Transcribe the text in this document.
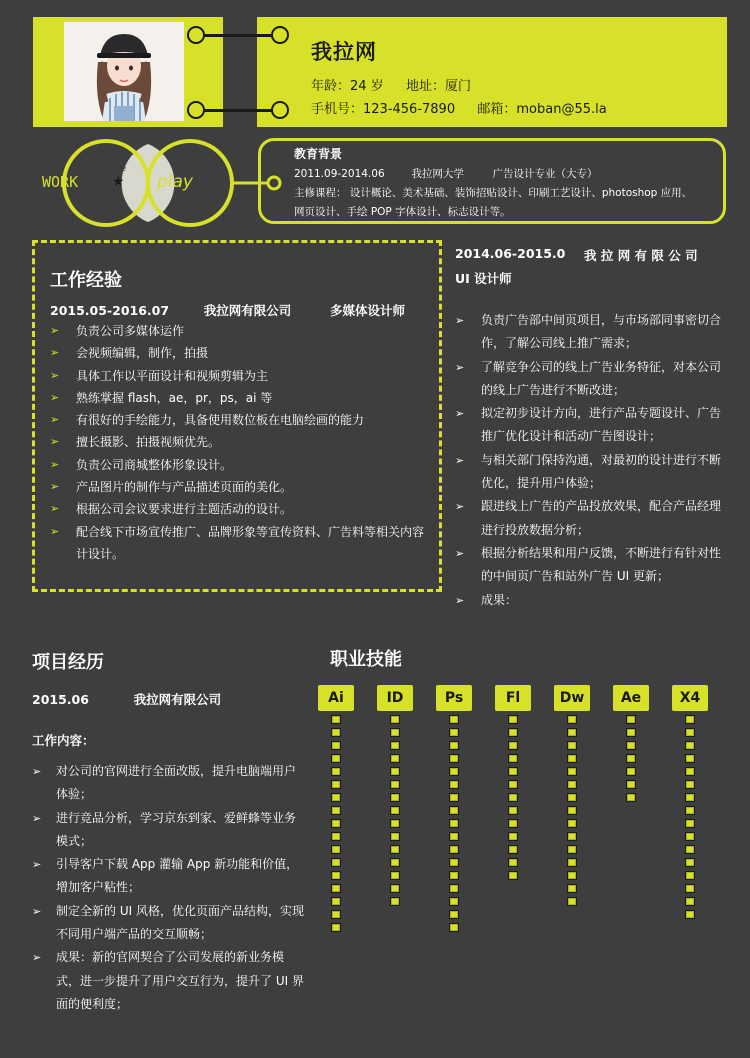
我拉网
年龄：24 岁 地址：厦门
手机号：123-456-7890 邮箱：moban@55.la
WORK
me
★ play
教育背景
2011.09-2014.06	我拉网大学	广告设计专业（大专）
主修课程： 设计概论、美术基础、装饰招贴设计、印刷工艺设计、photoshop 应用、
网页设计、手绘 POP 字体设计、标志设计等。
工作经验
2015.05-2016.07	我拉网有限公司	多媒体设计师
➢ 负责公司多媒体运作
➢ 会视频编辑，制作，拍摄
➢ 具体工作以平面设计和视频剪辑为主
➢ 熟练掌握 flash，ae，pr，ps，ai 等
➢ 有很好的手绘能力，具备使用数位板在电脑绘画的能力
➢ 擅长摄影、拍摄视频优先。
➢ 负责公司商城整体形象设计。
➢ 产品图片的制作与产品描述页面的美化。
➢ 根据公司会议要求进行主题活动的设计。
➢ 配合线下市场宣传推广、品牌形象等宣传资料、广告料等相关内容计设计。
2014.06-2015.0 我 拉 网 有 限 公 司
UI 设计师
➢ 负责广告部中间页项目，与市场部同事密切合作，了解公司线上推广需求；
➢ 了解竞争公司的线上广告业务特征，对本公司的线上广告进行不断改进；
➢ 拟定初步设计方向，进行产品专题设计、广告推广优化设计和活动广告图设计；
➢ 与相关部门保持沟通，对最初的设计进行不断优化，提升用户体验；
➢ 跟进线上广告的产品投放效果，配合产品经理进行投放数据分析；
➢ 根据分析结果和用户反馈，不断进行有针对性的中间页广告和站外广告 UI 更新；
➢ 成果：
项目经历
2015.06	我拉网有限公司
工作内容：
➢ 对公司的官网进行全面改版，提升电脑端用户体验；
➢ 进行竞品分析，学习京东到家、爱鲜蜂等业务模式；
➢ 引导客户下载 App 灌输 App 新功能和价值，增加客户粘性；
➢ 制定全新的 UI 风格，优化页面产品结构，实现不同用户端产品的交互顺畅；
➢ 成果：新的官网契合了公司发展的新业务模式，进一步提升了用户交互行为，提升了 UI 界面的便利度；
职业技能
Ai	ID	Ps	Fl	Dw	Ae	X4
